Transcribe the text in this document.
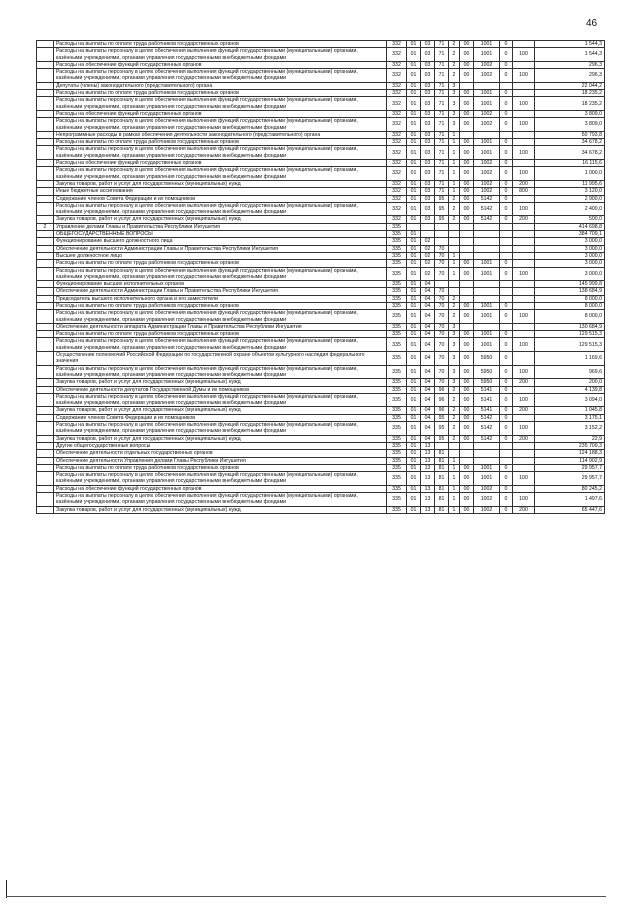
46
	Расходы на выплаты по оплате труда работников государственных органов	332	01	03	71	2	00	1001	0		1 544,3
	Расходы на выплаты персоналу в целях обеспечения выполнения функций государственными (муниципальными) органами, казёнными учреждениями, органами управления государственными внебюджетными фондами	332	01	03	71	2	00	1001	0	100	1 544,3
	Расходы на обеспечение функций государственных органов	332	01	03	71	2	00	1002	0		296,3
	Расходы на выплаты персоналу в целях обеспечения выполнения функций государственными (муниципальными) органами, казёнными учреждениями, органами управления государственными внебюджетными фондами	332	01	03	71	2	00	1002	0	100	296,3
	Депутаты (члены) законодательного (представительного) органа	332	01	03	71	3					22 044,2
	Расходы на выплаты по оплате труда работников государственных органов	332	01	03	71	3	00	1001	0		18 235,2
	Расходы на выплаты персоналу в целях обеспечения выполнения функций государственными (муниципальными) органами, казёнными учреждениями, органами управления государственными внебюджетными фондами	332	01	03	71	3	00	1001	0	100	18 235,2
	Расходы на обеспечение функций государственных органов	332	01	03	71	3	00	1002	0		3 809,0
	Расходы на выплаты персоналу в целях обеспечения выполнения функций государственными (муниципальными) органами, казёнными учреждениями, органами управления государственными внебюджетными фондами	332	01	03	71	3	00	1002	0	100	3 809,0
	Непрограммные расходы в рамках обеспечения деятельности законодательного (представительного) органа	332	01	03	71	1					50 793,8
	Расходы на выплаты по оплате труда работников государственных органов	332	01	03	71	1	00	1001	0		34 678,2
	Расходы на выплаты персоналу в целях обеспечения выполнения функций государственными (муниципальными) органами, казёнными учреждениями, органами управления государственными внебюджетными фондами	332	01	03	71	1	00	1001	0	100	34 678,2
	Расходы на обеспечение функций государственных органов	332	01	03	71	1	00	1002	0		16 115,6
	Расходы на выплаты персоналу в целях обеспечения выполнения функций государственными (муниципальными) органами, казёнными учреждениями, органами управления государственными внебюджетными фондами	332	01	03	71	1	00	1002	0	100	1 000,0
	Закупка товаров, работ и услуг для государственных (муниципальных) нужд	332	01	03	71	1	00	1002	0	200	11 995,6
	Иные бюджетные ассигнования	332	01	03	71	1	00	1002	0	800	3 120,0
	Содержание членов Совета Федерации и их помощников	332	01	03	95	2	00	5142	0		2 900,0
	Расходы на выплаты персоналу в целях обеспечения выполнения функций государственными (муниципальными) органами, казёнными учреждениями, органами управления государственными внебюджетными фондами	332	01	03	95	2	00	5142	0	100	2 400,0
	Закупка товаров, работ и услуг для государственных (муниципальных) нужд	332	01	03	95	2	00	5142	0	200	500,0
2	Управление делами Главы и Правительства Республики Ингушетия	335									414 698,8
	ОБЩЕГОСУДАРСТВЕННЫЕ ВОПРОСЫ	335	01								384 709,1
	Функционирование высшего должностного лица	335	01	02							3 000,0
	Обеспечение деятельности Администрации Главы и Правительства Республики Ингушетия	335	01	02	70						3 000,0
	Высшее должностное лицо	335	01	02	70	1					3 000,0
	Расходы на выплаты по оплате труда работников государственных органов	335	01	02	70	1	00	1001	0		3 000,0
	Расходы на выплаты персоналу в целях обеспечения выполнения функций государственными (муниципальными) органами, казёнными учреждениями, органами управления государственными внебюджетными фондами	335	01	02	70	1	00	1001	0	100	3 000,0
	Функционирование высших исполнительных органов	335	01	04							145 999,8
	Обеспечение деятельности Администрации Главы и Правительства Республики Ингушетия	335	01	04	70						138 684,9
	Председатель высшего исполнительного органа и его заместители	335	01	04	70	2					8 000,0
	Расходы на выплаты по оплате труда работников государственных органов	335	01	04	70	2	00	1001	0		8 000,0
	Расходы на выплаты персоналу в целях обеспечения выполнения функций государственными (муниципальными) органами, казёнными учреждениями, органами управления государственными внебюджетными фондами	335	01	04	70	2	00	1001	0	100	8 000,0
	Обеспечение деятельности аппарата Администрации Главы и Правительства Республики Ингушетия	335	01	04	70	3					130 684,9
	Расходы на выплаты по оплате труда работников государственных органов	335	01	04	70	3	00	1001	0		129 515,3
	Расходы на выплаты персоналу в целях обеспечения выполнения функций государственными (муниципальными) органами, казёнными учреждениями, органами управления государственными внебюджетными фондами	335	01	04	70	3	00	1001	0	100	129 515,3
	Осуществление полномочий Российской Федерации по государственной охране объектов культурного наследия федерального значения	335	01	04	70	3	00	5950	0		1 169,6
	Расходы на выплаты персоналу в целях обеспечения выполнения функций государственными (муниципальными) органами, казёнными учреждениями, органами управления государственными внебюджетными фондами	335	01	04	70	3	00	5950	0	100	969,6
	Закупка товаров, работ и услуг для государственных (муниципальных) нужд	335	01	04	70	3	00	5950	0	200	200,0
	Обеспечение деятельности депутатов Государственной Думы и их помощников	335	01	04	96	2	00	5141	0		4 139,8
	Расходы на выплаты персоналу в целях обеспечения выполнения функций государственными (муниципальными) органами, казёнными учреждениями, органами управления государственными внебюджетными фондами	335	01	04	96	2	00	5141	0	100	3 094,0
	Закупка товаров, работ и услуг для государственных (муниципальных) нужд	335	01	04	96	2	00	5141	0	200	1 045,8
	Содержание членов Совета Федерации и их помощников	335	01	04	95	2	00	5142	0		3 175,1
	Расходы на выплаты персоналу в целях обеспечения выполнения функций государственными (муниципальными) органами, казёнными учреждениями, органами управления государственными внебюджетными фондами	335	01	04	95	2	00	5142	0	100	3 152,2
	Закупка товаров, работ и услуг для государственных (муниципальных) нужд	335	01	04	95	2	00	5142	0	200	22,9
	Другие общегосударственные вопросы	335	01	13							235 709,3
	Обеспечение деятельности отдельных государственных органов	335	01	13	81						124 188,3
	Обеспечение деятельности Управления делами Главы Республики Ингушетия	335	01	13	81	1					114 902,9
	Расходы на выплаты по оплате труда работников государственных органов	335	01	13	81	1	00	1001	0		29 957,7
	Расходы на выплаты персоналу в целях обеспечения выполнения функций государственными (муниципальными) органами, казёнными учреждениями, органами управления государственными внебюджетными фондами	335	01	13	81	1	00	1001	0	100	29 957,7
	Расходы на обеспечение функций государственных органов	335	01	13	81	1	00	1002	0		80 245,2
	Расходы на выплаты персоналу в целях обеспечения выполнения функций государственными (муниципальными) органами, казёнными учреждениями, органами управления государственными внебюджетными фондами	335	01	13	81	1	00	1002	0	100	1 497,6
	Закупка товаров, работ и услуг для государственных (муниципальных) нужд	335	01	13	81	1	00	1002	0	200	65 447,6
